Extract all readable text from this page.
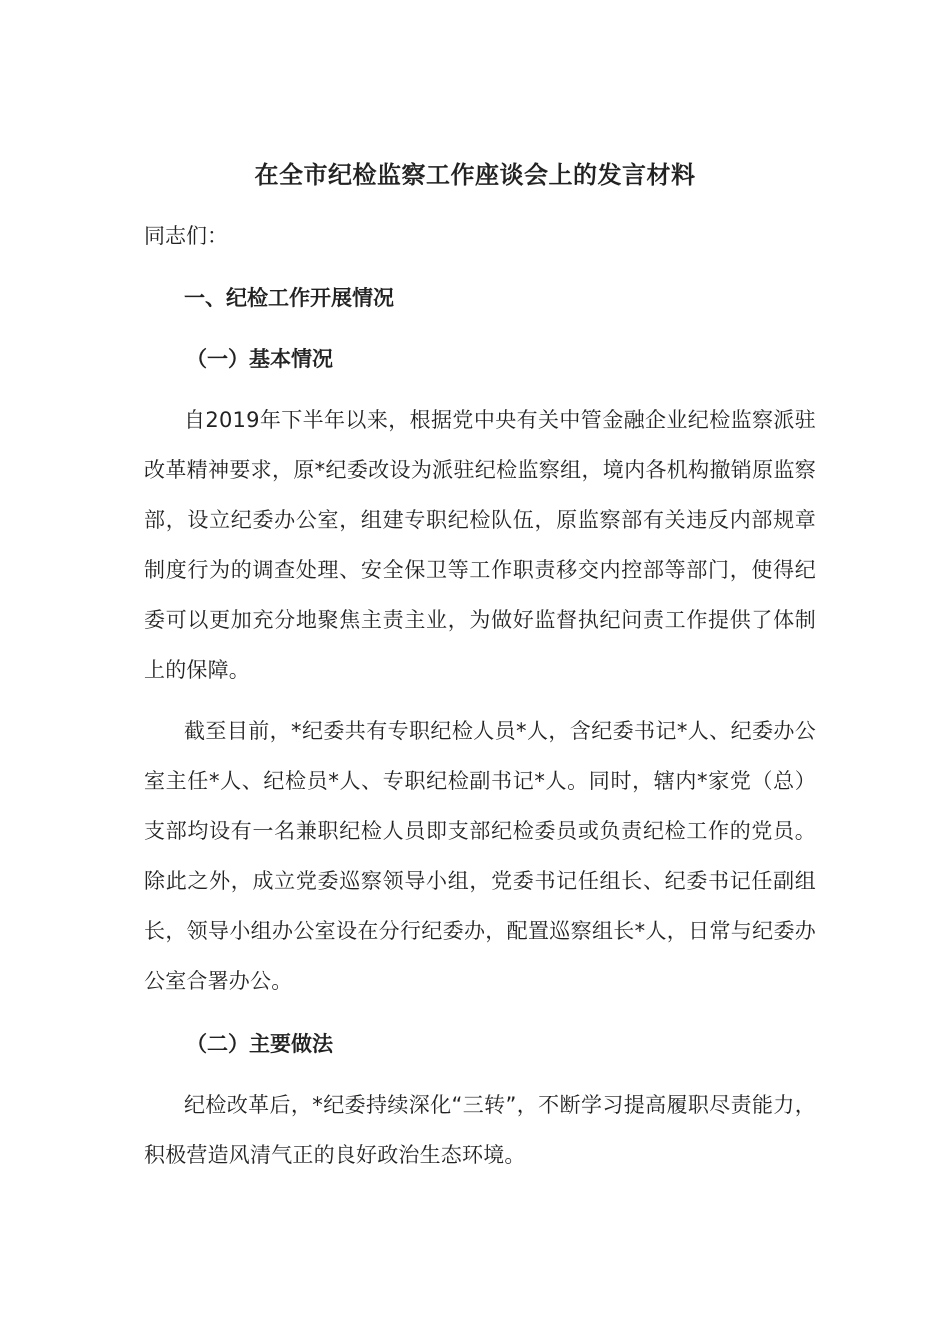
在全市纪检监察工作座谈会上的发言材料
同志们：
一、纪检工作开展情况
（一）基本情况
自2019年下半年以来，根据党中央有关中管金融企业纪检监察派驻改革精神要求，原*纪委改设为派驻纪检监察组，境内各机构撤销原监察部，设立纪委办公室，组建专职纪检队伍，原监察部有关违反内部规章制度行为的调查处理、安全保卫等工作职责移交内控部等部门，使得纪委可以更加充分地聚焦主责主业，为做好监督执纪问责工作提供了体制上的保障。
截至目前，*纪委共有专职纪检人员*人，含纪委书记*人、纪委办公室主任*人、纪检员*人、专职纪检副书记*人。同时，辖内*家党（总）支部均设有一名兼职纪检人员即支部纪检委员或负责纪检工作的党员。除此之外，成立党委巡察领导小组，党委书记任组长、纪委书记任副组长，领导小组办公室设在分行纪委办，配置巡察组长*人，日常与纪委办公室合署办公。
（二）主要做法
纪检改革后，*纪委持续深化“三转”，不断学习提高履职尽责能力，积极营造风清气正的良好政治生态环境。
